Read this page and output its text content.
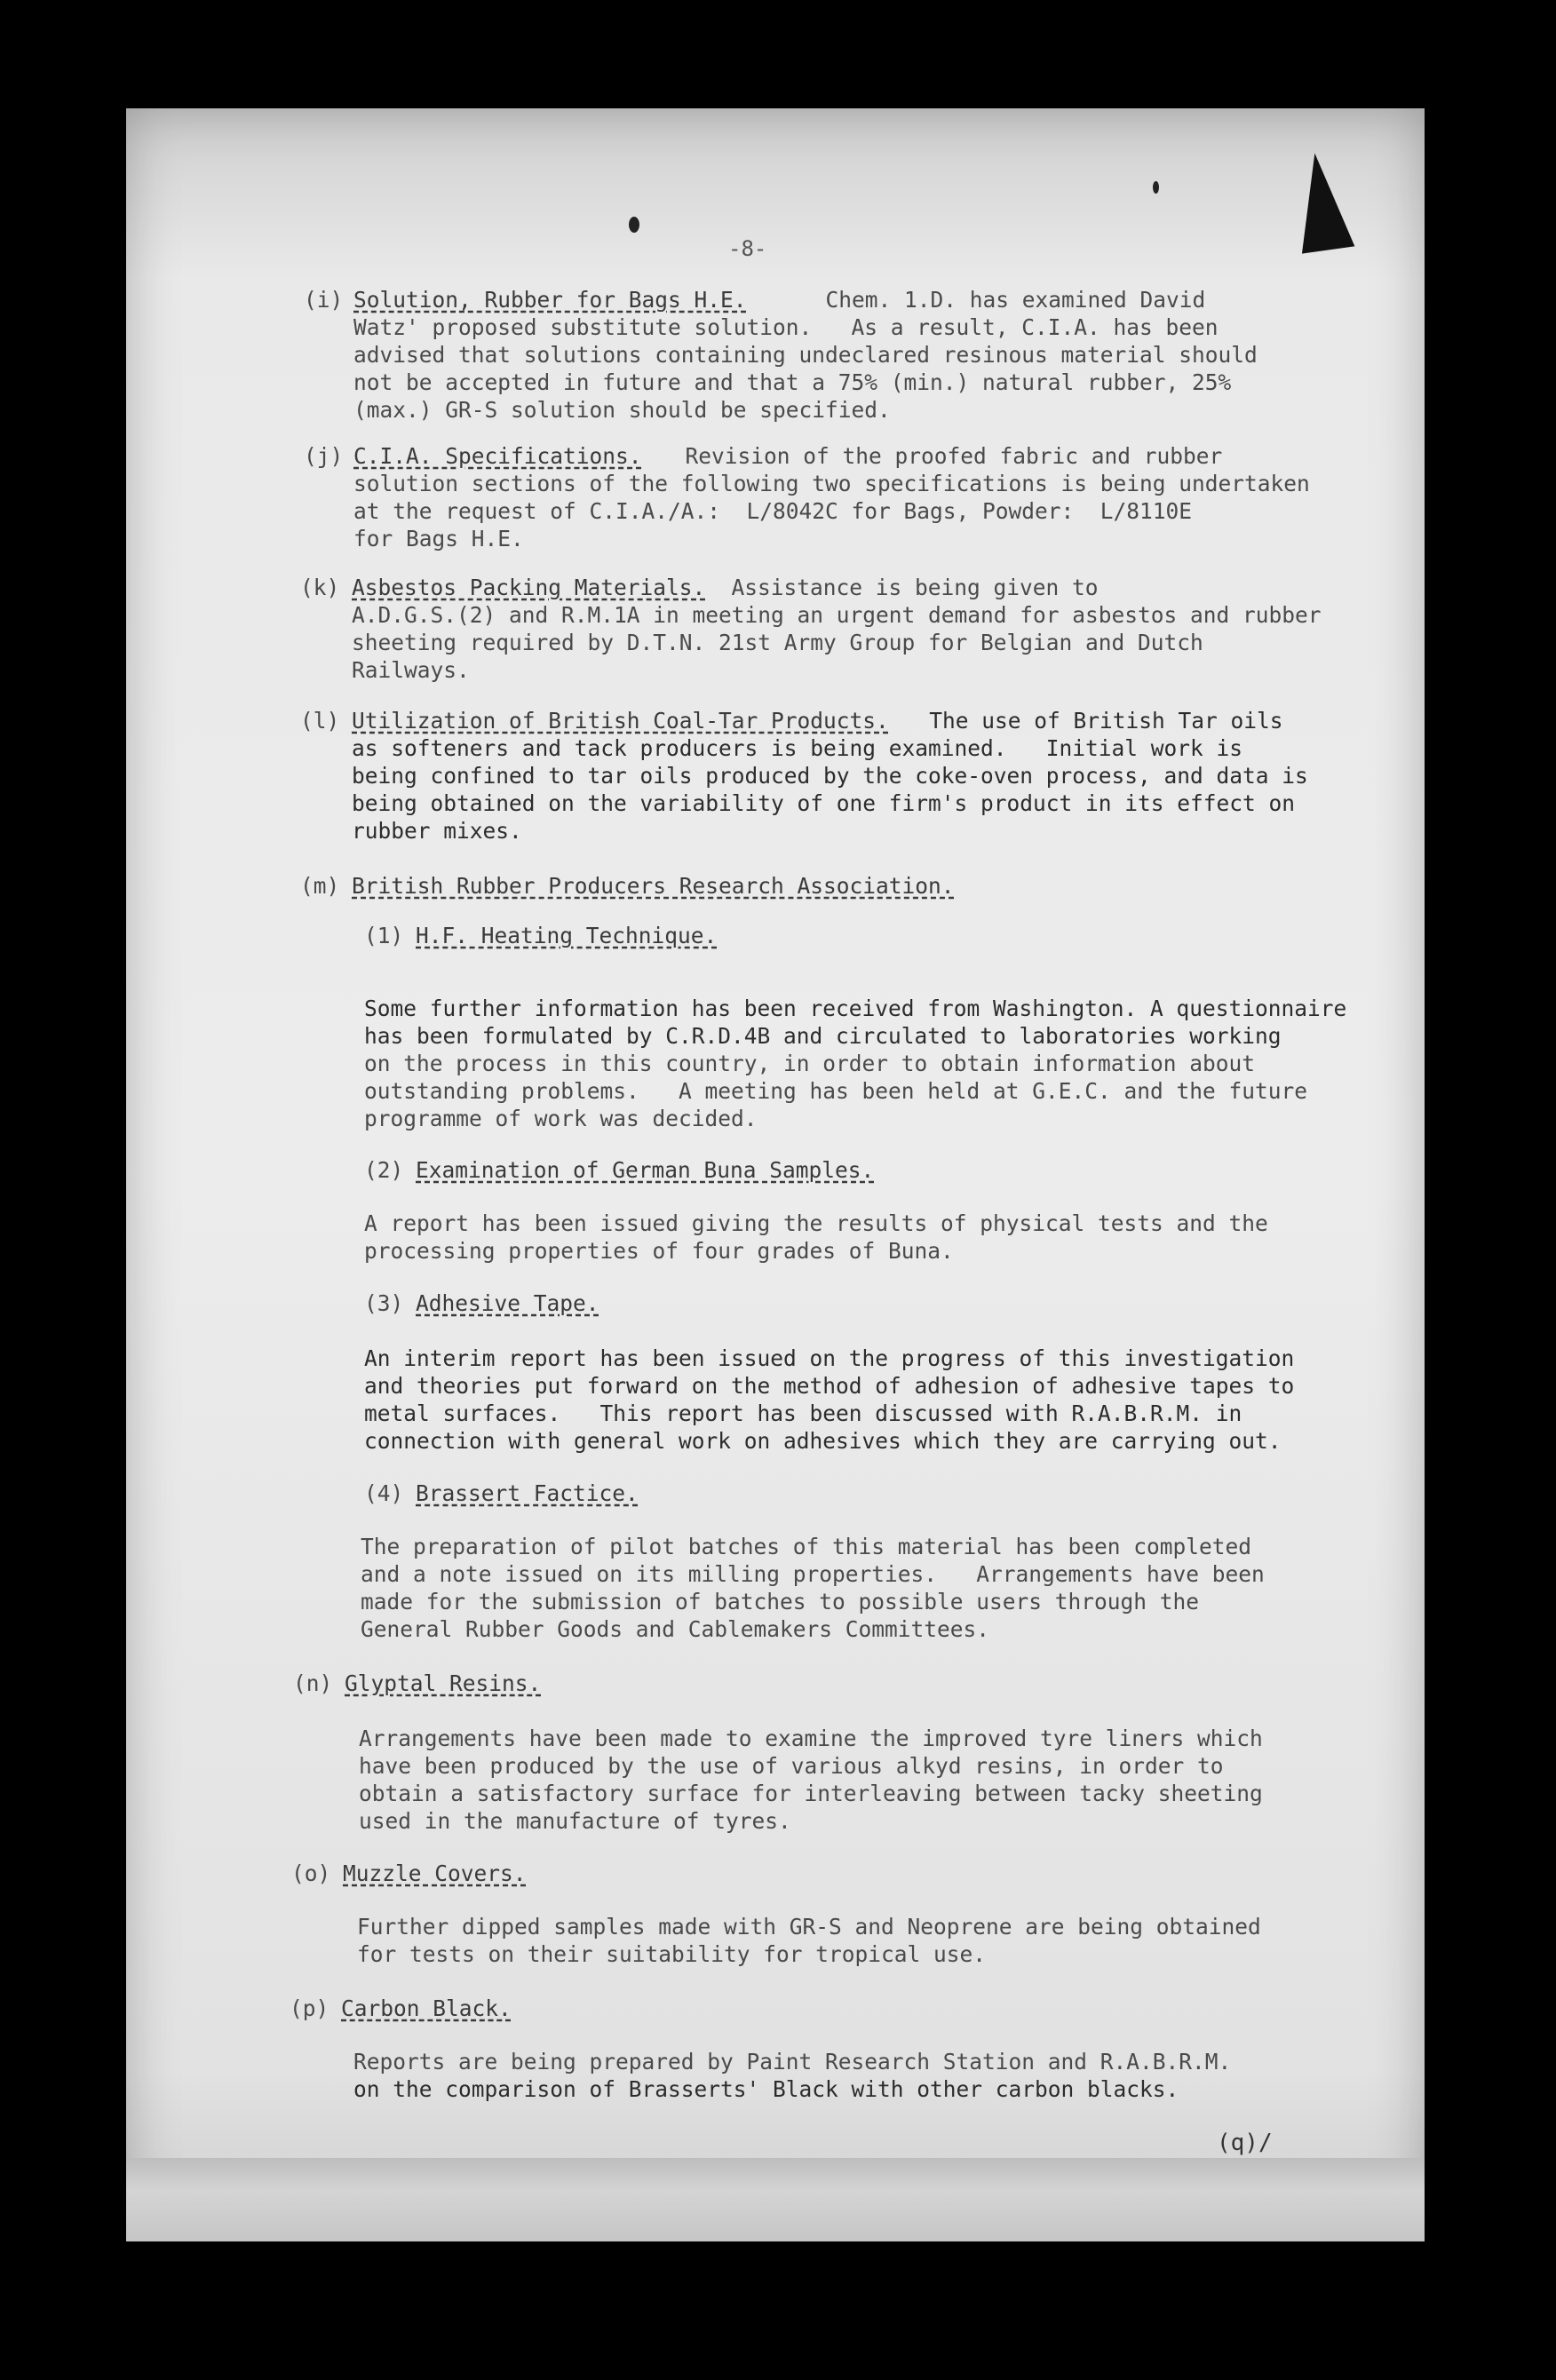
-8-
(i) Solution, Rubber for Bags H.E. Chem. 1.D. has examined David
Watz' proposed substitute solution.   As a result, C.I.A. has been
advised that solutions containing undeclared resinous material should
not be accepted in future and that a 75% (min.) natural rubber, 25%
(max.) GR-S solution should be specified.
(j) C.I.A. Specifications. Revision of the proofed fabric and rubber
solution sections of the following two specifications is being undertaken
at the request of C.I.A./A.:  L/8042C for Bags, Powder:  L/8110E
for Bags H.E.
(k) Asbestos Packing Materials. Assistance is being given to
A.D.G.S.(2) and R.M.1A in meeting an urgent demand for asbestos and rubber
sheeting required by D.T.N. 21st Army Group for Belgian and Dutch
Railways.
(l) Utilization of British Coal-Tar Products. The use of British Tar oils
as softeners and tack producers is being examined.   Initial work is
being confined to tar oils produced by the coke-oven process, and data is
being obtained on the variability of one firm's product in its effect on
rubber mixes.
(m) British Rubber Producers Research Association.
(1) H.F. Heating Technique.
Some further information has been received from Washington. A questionnaire
has been formulated by C.R.D.4B and circulated to laboratories working
on the process in this country, in order to obtain information about
outstanding problems.   A meeting has been held at G.E.C. and the future
programme of work was decided.
(2) Examination of German Buna Samples.
A report has been issued giving the results of physical tests and the
processing properties of four grades of Buna.
(3) Adhesive Tape.
An interim report has been issued on the progress of this investigation
and theories put forward on the method of adhesion of adhesive tapes to
metal surfaces.   This report has been discussed with R.A.B.R.M. in
connection with general work on adhesives which they are carrying out.
(4) Brassert Factice.
The preparation of pilot batches of this material has been completed
and a note issued on its milling properties.   Arrangements have been
made for the submission of batches to possible users through the
General Rubber Goods and Cablemakers Committees.
(n) Glyptal Resins.
Arrangements have been made to examine the improved tyre liners which
have been produced by the use of various alkyd resins, in order to
obtain a satisfactory surface for interleaving between tacky sheeting
used in the manufacture of tyres.
(o) Muzzle Covers.
Further dipped samples made with GR-S and Neoprene are being obtained
for tests on their suitability for tropical use.
(p) Carbon Black.
Reports are being prepared by Paint Research Station and R.A.B.R.M.
on the comparison of Brasserts' Black with other carbon blacks.
(q)/
